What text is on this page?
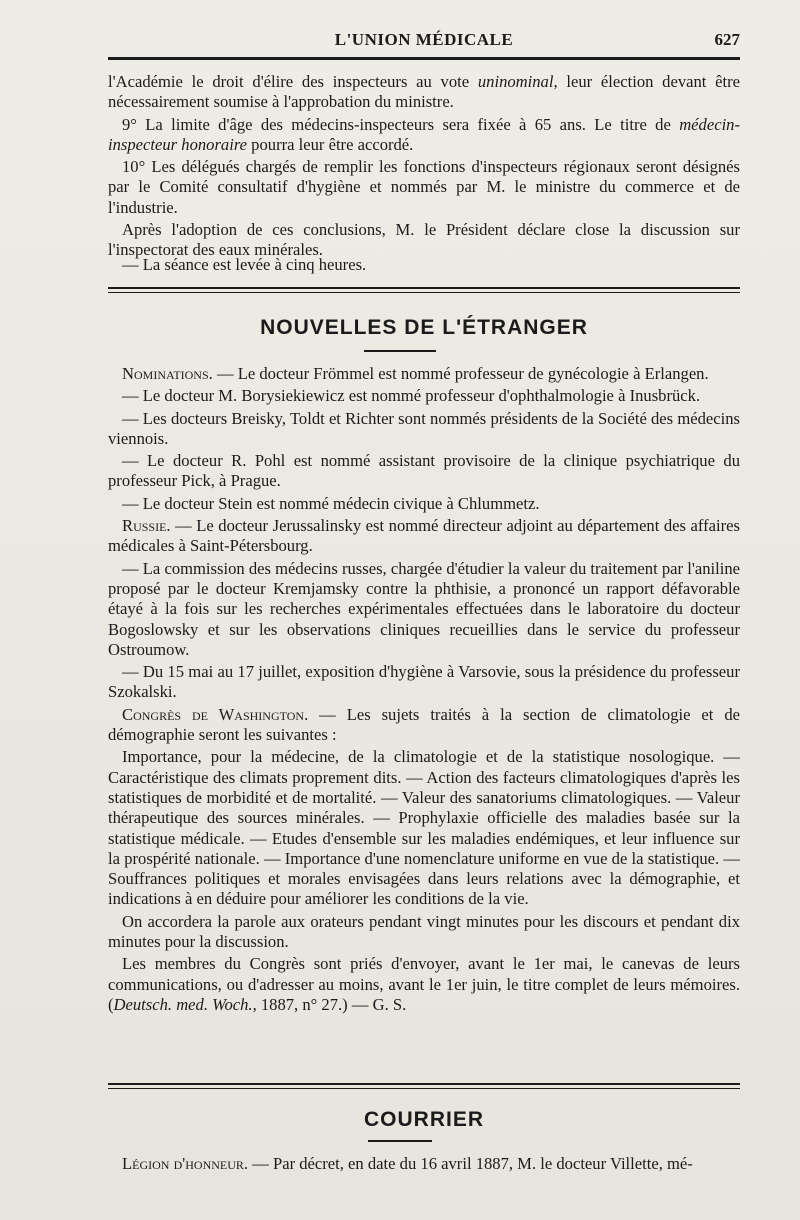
L'UNION MÉDICALE	627

l'Académie le droit d'élire des inspecteurs au vote uninominal, leur élection devant être nécessairement soumise à l'approbation du ministre.

9° La limite d'âge des médecins-inspecteurs sera fixée à 65 ans. Le titre de médecin-inspecteur honoraire pourra leur être accordé.

10° Les délégués chargés de remplir les fonctions d'inspecteurs régionaux seront désignés par le Comité consultatif d'hygiène et nommés par M. le ministre du commerce et de l'industrie.

Après l'adoption de ces conclusions, M. le Président déclare close la discussion sur l'inspectorat des eaux minérales.

— La séance est levée à cinq heures.

NOUVELLES DE L'ÉTRANGER

Nominations. — Le docteur Frömmel est nommé professeur de gynécologie à Erlangen.

— Le docteur M. Borysiekiewicz est nommé professeur d'ophthalmologie à Inusbrück.

— Les docteurs Breisky, Toldt et Richter sont nommés présidents de la Société des médecins viennois.

— Le docteur R. Pohl est nommé assistant provisoire de la clinique psychiatrique du professeur Pick, à Prague.

— Le docteur Stein est nommé médecin civique à Chlummetz.

Russie. — Le docteur Jerussalinsky est nommé directeur adjoint au département des affaires médicales à Saint-Pétersbourg.

— La commission des médecins russes, chargée d'étudier la valeur du traitement par l'aniline proposé par le docteur Kremjamsky contre la phthisie, a prononcé un rapport défavorable étayé à la fois sur les recherches expérimentales effectuées dans le laboratoire du docteur Bogoslowsky et sur les observations cliniques recueillies dans le service du professeur Ostroumow.

— Du 15 mai au 17 juillet, exposition d'hygiène à Varsovie, sous la présidence du professeur Szokalski.

Congrès de Washington. — Les sujets traités à la section de climatologie et de démographie seront les suivantes :

Importance, pour la médecine, de la climatologie et de la statistique nosologique. — Caractéristique des climats proprement dits. — Action des facteurs climatologiques d'après les statistiques de morbidité et de mortalité. — Valeur des sanatoriums climatologiques. — Valeur thérapeutique des sources minérales. — Prophylaxie officielle des maladies basée sur la statistique médicale. — Etudes d'ensemble sur les maladies endémiques, et leur influence sur la prospérité nationale. — Importance d'une nomenclature uniforme en vue de la statistique. — Souffrances politiques et morales envisagées dans leurs relations avec la démographie, et indications à en déduire pour améliorer les conditions de la vie.

On accordera la parole aux orateurs pendant vingt minutes pour les discours et pendant dix minutes pour la discussion.

Les membres du Congrès sont priés d'envoyer, avant le 1er mai, le canevas de leurs communications, ou d'adresser au moins, avant le 1er juin, le titre complet de leurs mémoires. (Deutsch. med. Woch., 1887, n° 27.) — G. S.

COURRIER

Légion d'honneur. — Par décret, en date du 16 avril 1887, M. le docteur Villette, mé-
